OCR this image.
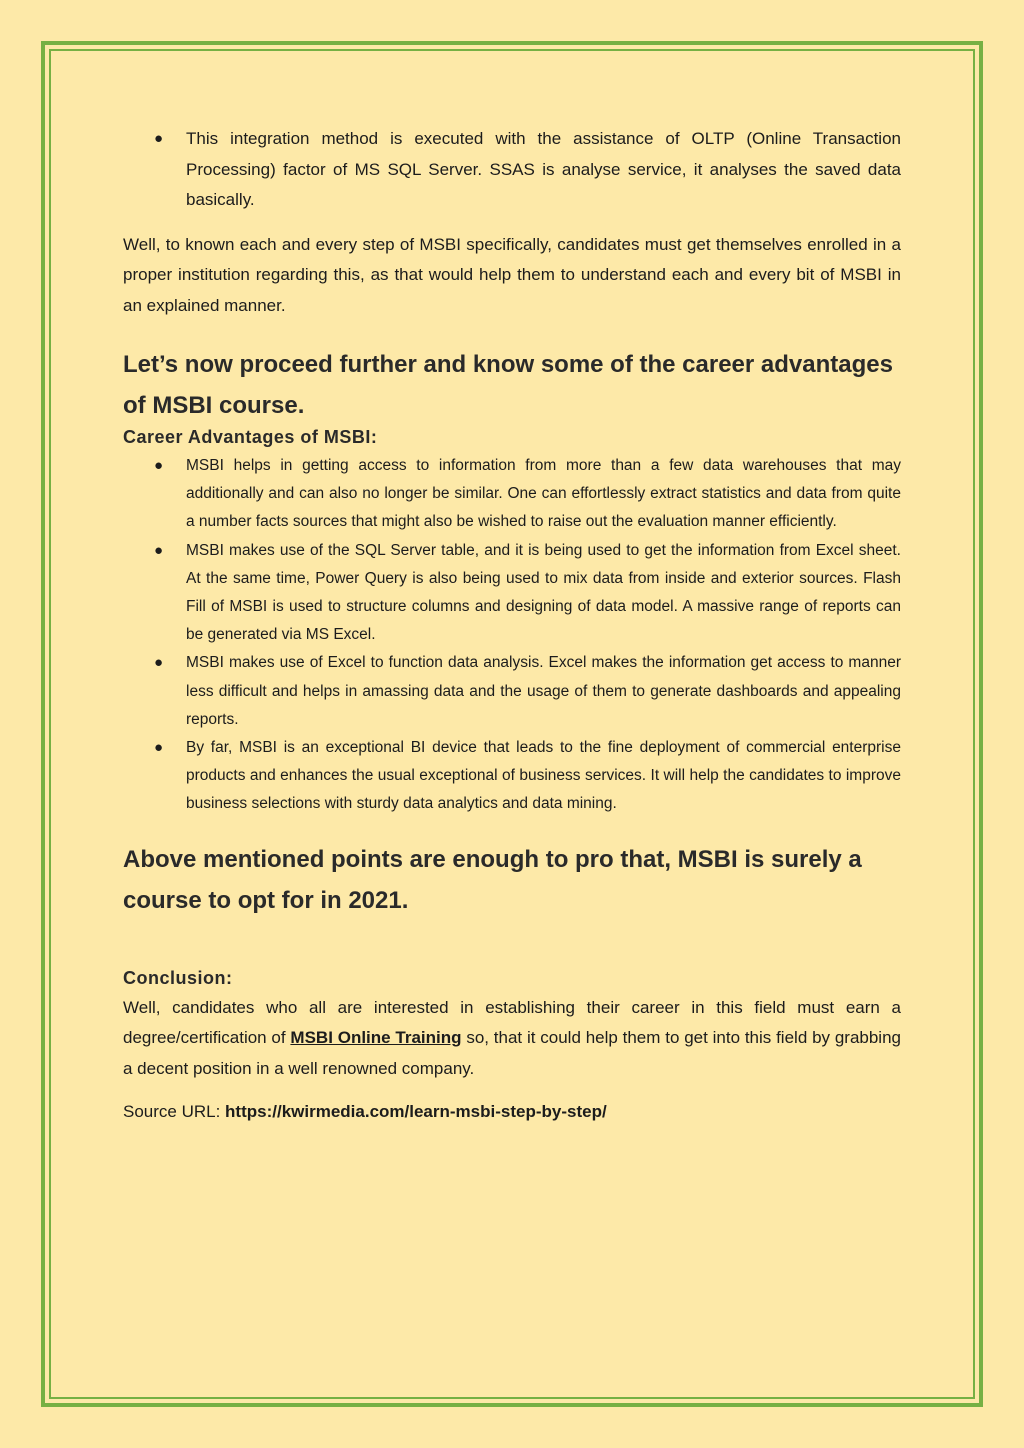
● This integration method is executed with the assistance of OLTP (Online Transaction Processing) factor of MS SQL Server. SSAS is analyse service, it analyses the saved data basically.

Well, to known each and every step of MSBI specifically, candidates must get themselves enrolled in a proper institution regarding this, as that would help them to understand each and every bit of MSBI in an explained manner.

Let’s now proceed further and know some of the career advantages of MSBI course.
Career Advantages of MSBI:
● MSBI helps in getting access to information from more than a few data warehouses that may additionally and can also no longer be similar. One can effortlessly extract statistics and data from quite a number facts sources that might also be wished to raise out the evaluation manner efficiently.
● MSBI makes use of the SQL Server table, and it is being used to get the information from Excel sheet. At the same time, Power Query is also being used to mix data from inside and exterior sources. Flash Fill of MSBI is used to structure columns and designing of data model. A massive range of reports can be generated via MS Excel.
● MSBI makes use of Excel to function data analysis. Excel makes the information get access to manner less difficult and helps in amassing data and the usage of them to generate dashboards and appealing reports.
● By far, MSBI is an exceptional BI device that leads to the fine deployment of commercial enterprise products and enhances the usual exceptional of business services. It will help the candidates to improve business selections with sturdy data analytics and data mining.
Above mentioned points are enough to pro that, MSBI is surely a course to opt for in 2021.
Conclusion:

Well, candidates who all are interested in establishing their career in this field must earn a degree/certification of MSBI Online Training so, that it could help them to get into this field by grabbing a decent position in a well renowned company.

Source URL: https://kwirmedia.com/learn-msbi-step-by-step/
